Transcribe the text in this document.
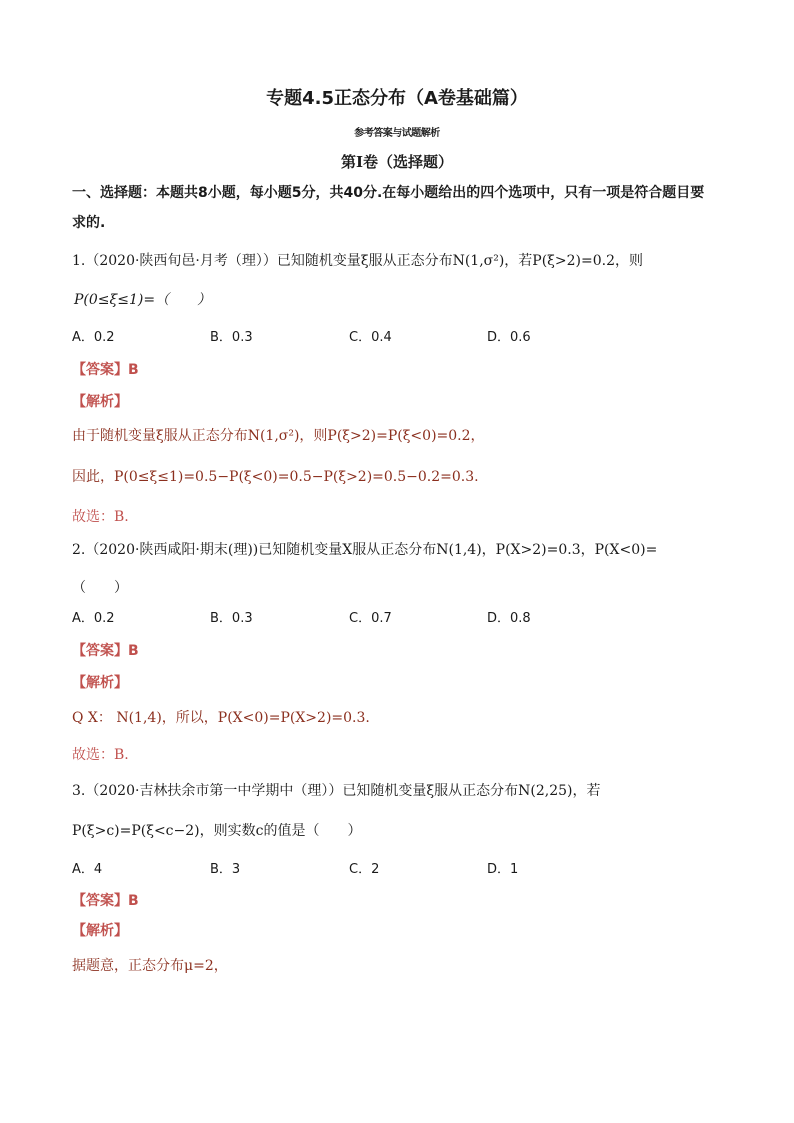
专题4.5正态分布（A卷基础篇）
参考答案与试题解析
第Ⅰ卷（选择题）
一、选择题：本题共8小题，每小题5分，共40分.在每小题给出的四个选项中，只有一项是符合题目要
求的.
1.（2020·陕西旬邑·月考（理））已知随机变量ξ服从正态分布N(1,σ²)，若P(ξ>2)=0.2，则
P(0≤ξ≤1)=（　　）
A．0.2	B．0.3	C．0.4	D．0.6
【答案】B
【解析】
由于随机变量ξ服从正态分布N(1,σ²)，则P(ξ>2)=P(ξ<0)=0.2，
因此，P(0≤ξ≤1)=0.5−P(ξ<0)=0.5−P(ξ>2)=0.5−0.2=0.3.
故选：B.
2.（2020·陕西咸阳·期末(理))已知随机变量X服从正态分布N(1,4)，P(X>2)=0.3，P(X<0)=
（　　）
A．0.2	B．0.3	C．0.7	D．0.8
【答案】B
【解析】
Q X： N(1,4)，所以，P(X<0)=P(X>2)=0.3.
故选：B.
3.（2020·吉林扶余市第一中学期中（理））已知随机变量ξ服从正态分布N(2,25)，若
P(ξ>c)=P(ξ<c−2)，则实数c的值是（　　）
A．4	B．3	C．2	D．1
【答案】B
【解析】
据题意，正态分布μ=2，
